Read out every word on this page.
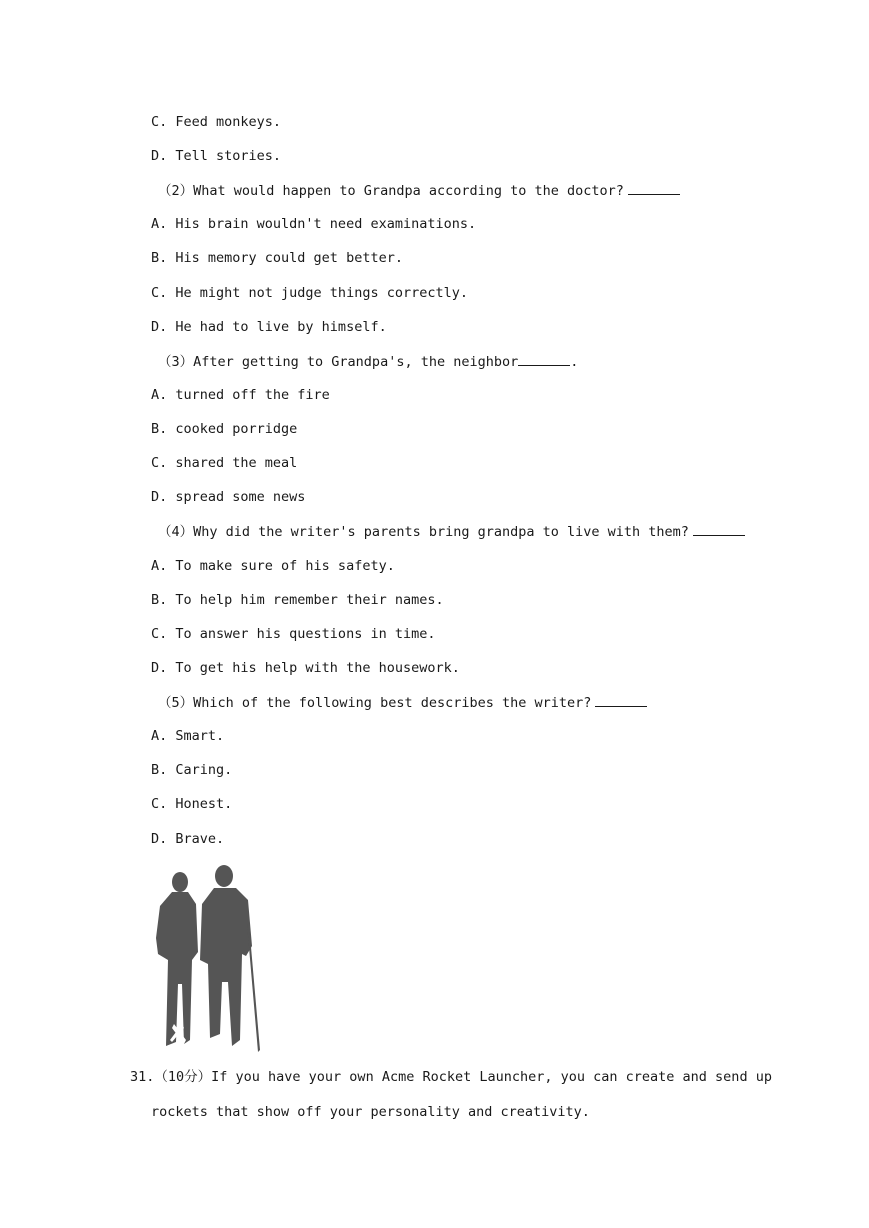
C. Feed monkeys.
D. Tell stories.
（2）What would happen to Grandpa according to the doctor?
A. His brain wouldn't need examinations.
B. His memory could get better.
C. He might not judge things correctly.
D. He had to live by himself.
（3）After getting to Grandpa's, the neighbor	.
A. turned off the fire
B. cooked porridge
C. shared the meal
D. spread some news
（4）Why did the writer's parents bring grandpa to live with them?
A. To make sure of his safety.
B. To help him remember their names.
C. To answer his questions in time.
D. To get his help with the housework.
（5）Which of the following best describes the writer?
A. Smart.
B. Caring.
C. Honest.
D. Brave.
31.（10分）If you have your own Acme Rocket Launcher, you can create and send up
rockets that show off your personality and creativity.
